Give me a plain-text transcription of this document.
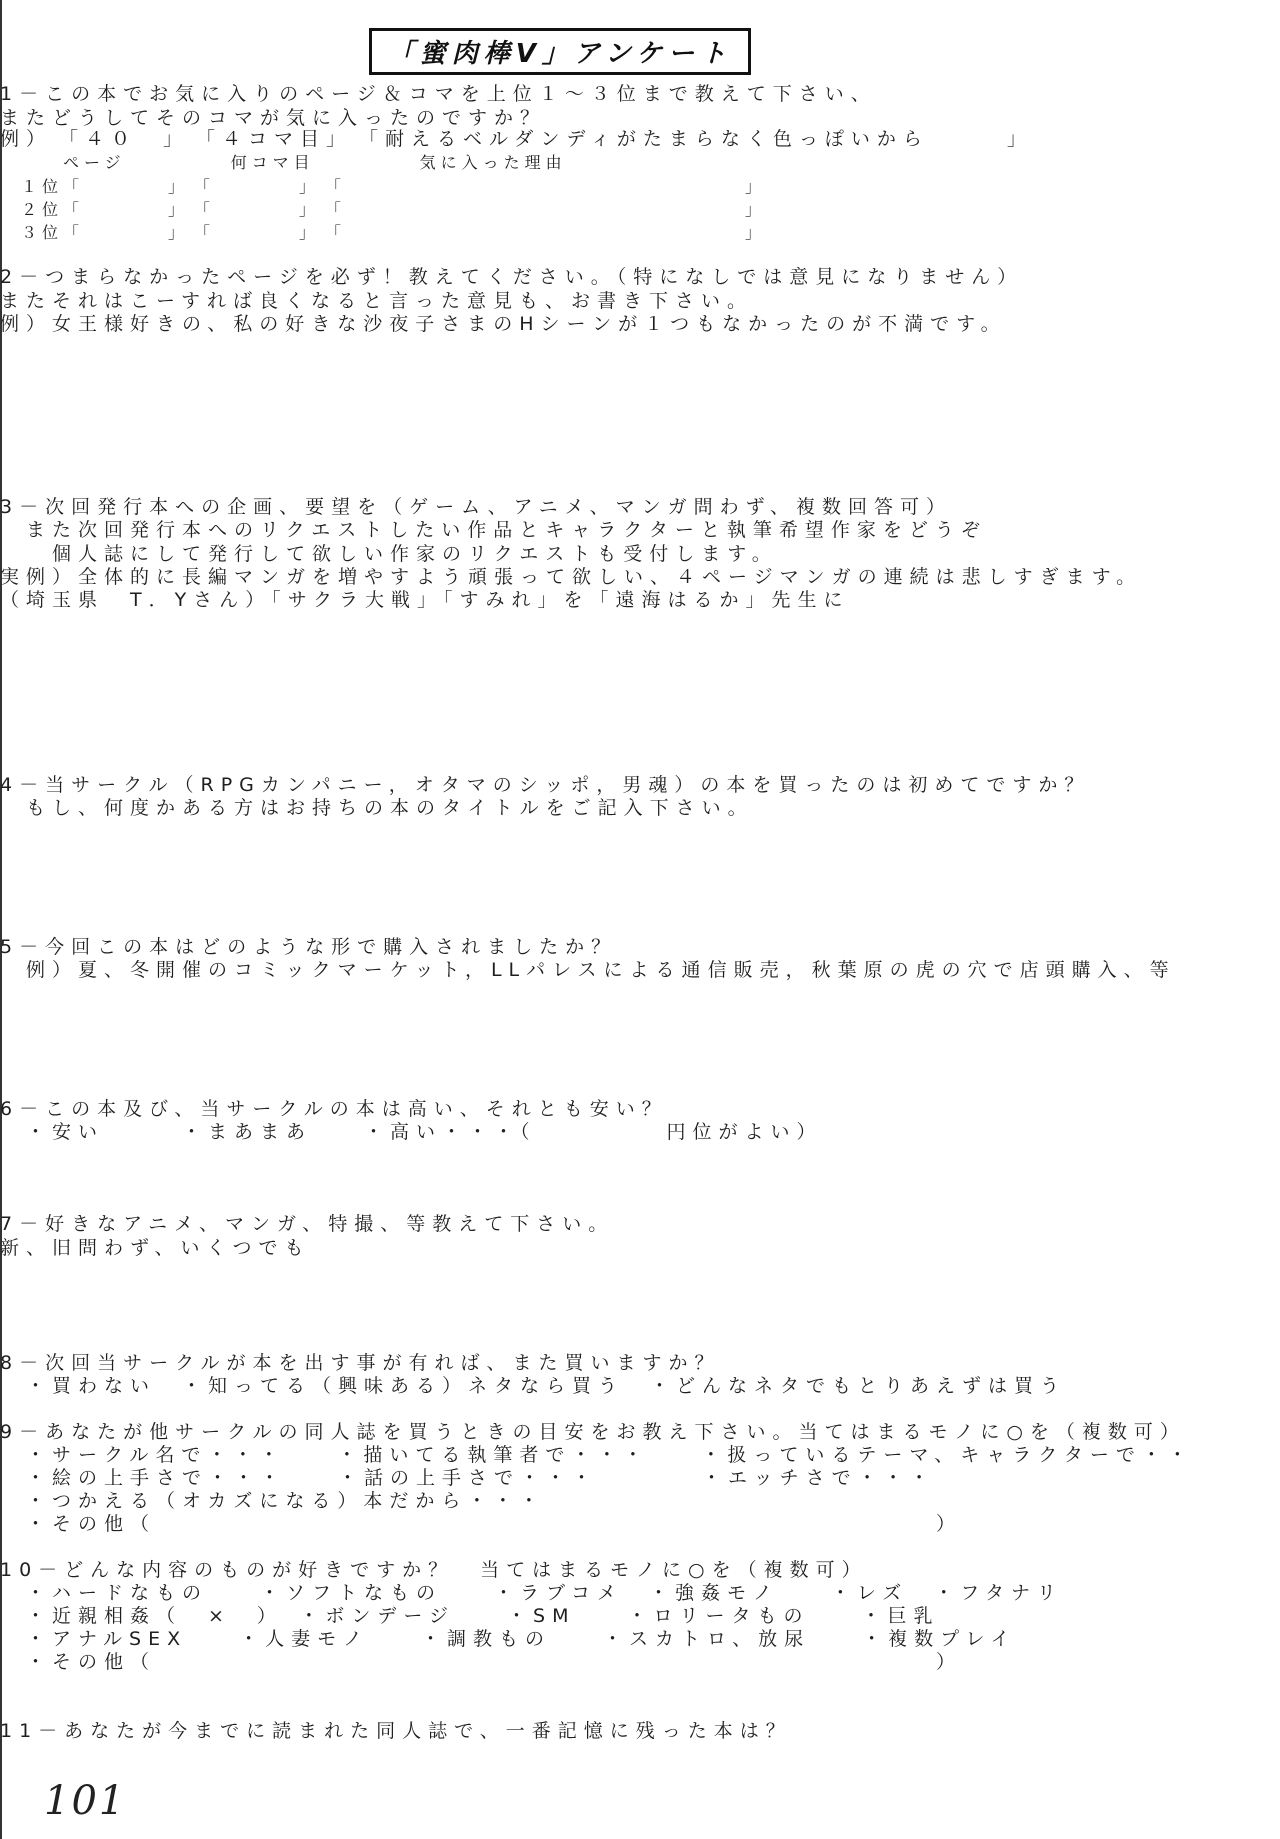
「蜜肉棒V」アンケート
1－この本でお気に入りのページ＆コマを上位１～３位まで教えて下さい、
またどうしてそのコマが気に入ったのですか？
例）　「４０　」　「４コマ目」　「耐えるベルダンディがたまらなく色っぽいから　　　」
　　　ページ　　　　　何コマ目　　　　　気に入った理由
　１位「　　　　」　「　　　　」　「　　　　　　　　　　　　　　　　　　　」
　２位「　　　　」　「　　　　」　「　　　　　　　　　　　　　　　　　　　」
　３位「　　　　」　「　　　　」　「　　　　　　　　　　　　　　　　　　　」
2－つまらなかったページを必ず！教えてください。（特になしでは意見になりません）
またそれはこーすれば良くなると言った意見も、お書き下さい。
例）女王様好きの、私の好きな沙夜子さまのHシーンが１つもなかったのが不満です。
3－次回発行本への企画、要望を（ゲーム、アニメ、マンガ問わず、複数回答可）
　また次回発行本へのリクエストしたい作品とキャラクターと執筆希望作家をどうぞ
　　個人誌にして発行して欲しい作家のリクエストも受付します。
実例）全体的に長編マンガを増やすよう頑張って欲しい、４ページマンガの連続は悲しすぎます。
（埼玉県　T．Yさん）「サクラ大戦」「すみれ」を「遠海はるか」先生に
4－当サークル（RPGカンパニー，オタマのシッポ，男魂）の本を買ったのは初めてですか？
　もし、何度かある方はお持ちの本のタイトルをご記入下さい。
5－今回この本はどのような形で購入されましたか？
　例）夏、冬開催のコミックマーケット，LLパレスによる通信販売，秋葉原の虎の穴で店頭購入、等
6－この本及び、当サークルの本は高い、それとも安い？
　・安い　　　・まあまあ　　・高い・・・（　　　　　円位がよい）
7－好きなアニメ、マンガ、特撮、等教えて下さい。
新、旧問わず、いくつでも
8－次回当サークルが本を出す事が有れば、また買いますか？
　・買わない　・知ってる（興味ある）ネタなら買う　・どんなネタでもとりあえずは買う
9－あなたが他サークルの同人誌を買うときの目安をお教え下さい。当てはまるモノに○を（複数可）
　・サークル名で・・・　　・描いてる執筆者で・・・　　・扱っているテーマ、キャラクターで・・
　・絵の上手さで・・・　　・話の上手さで・・・　　　　・エッチさで・・・
　・つかえる（オカズになる）本だから・・・
　・その他（　　　　　　　　　　　　　　　　　　　　　　　　　　　　　　）
10－どんな内容のものが好きですか？　当てはまるモノに○を（複数可）
　・ハードなもの　　・ソフトなもの　　・ラブコメ　・強姦モノ　　・レズ　・フタナリ
　・近親相姦（　×　）　・ボンデージ　　・SM　　・ロリータもの　　・巨乳
　・アナルSEX　　・人妻モノ　　・調教もの　　・スカトロ、放尿　　・複数プレイ
　・その他（　　　　　　　　　　　　　　　　　　　　　　　　　　　　　　）
11－あなたが今までに読まれた同人誌で、一番記憶に残った本は？
101
